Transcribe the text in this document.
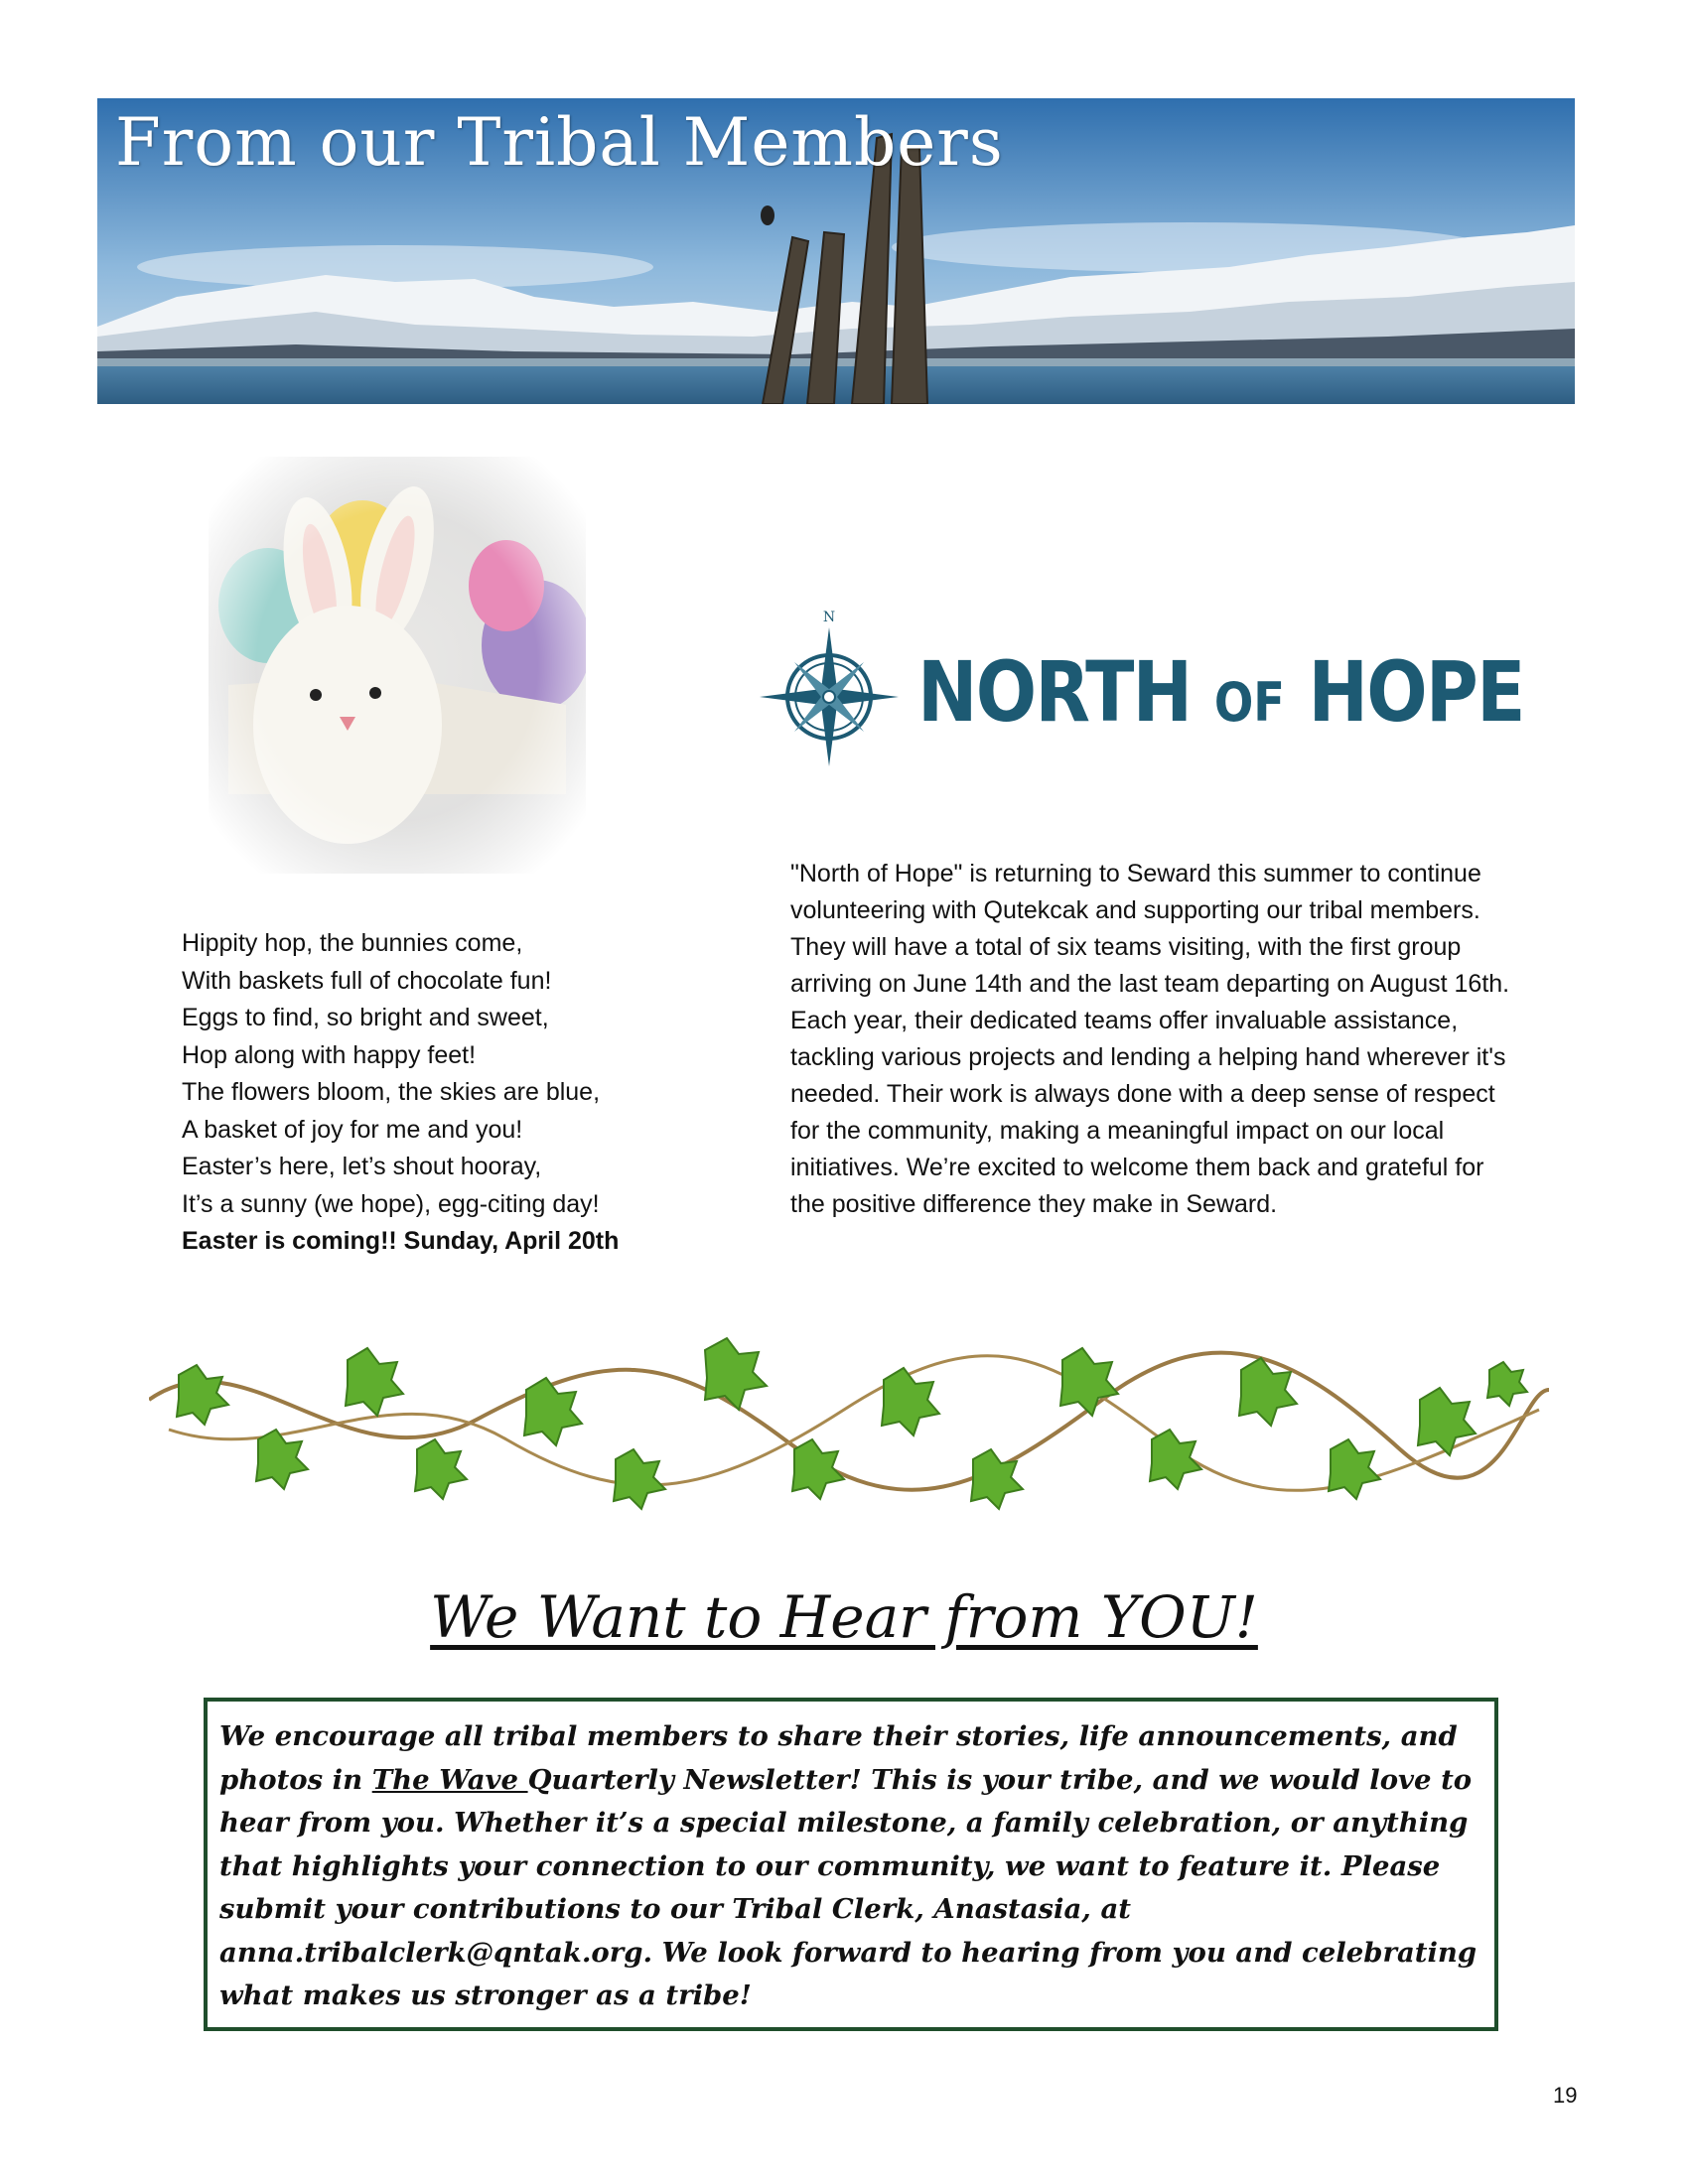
From our Tribal Members
N
NORTH OF HOPE
Hippity hop, the bunnies come,
With baskets full of chocolate fun!
Eggs to find, so bright and sweet,
Hop along with happy feet!
The flowers bloom, the skies are blue,
A basket of joy for me and you!
Easter’s here, let’s shout hooray,
It’s a sunny (we hope), egg-citing day!
Easter is coming!! Sunday, April 20th

"North of Hope" is returning to Seward this summer to continue volunteering with Qutekcak and supporting our tribal members. They will have a total of six teams visiting, with the first group arriving on June 14th and the last team departing on August 16th. Each year, their dedicated teams offer invaluable assistance, tackling various projects and lending a helping hand wherever it's needed. Their work is always done with a deep sense of respect for the community, making a meaningful impact on our local initiatives. We’re excited to welcome them back and grateful for the positive difference they make in Seward.

We Want to Hear from YOU!

We encourage all tribal members to share their stories, life announcements, and photos in The Wave Quarterly Newsletter! This is your tribe, and we would love to hear from you. Whether it’s a special milestone, a family celebration, or anything that highlights your connection to our community, we want to feature it. Please submit your contributions to our Tribal Clerk, Anastasia, at anna.tribalclerk@qntak.org. We look forward to hearing from you and celebrating what makes us stronger as a tribe!

19
